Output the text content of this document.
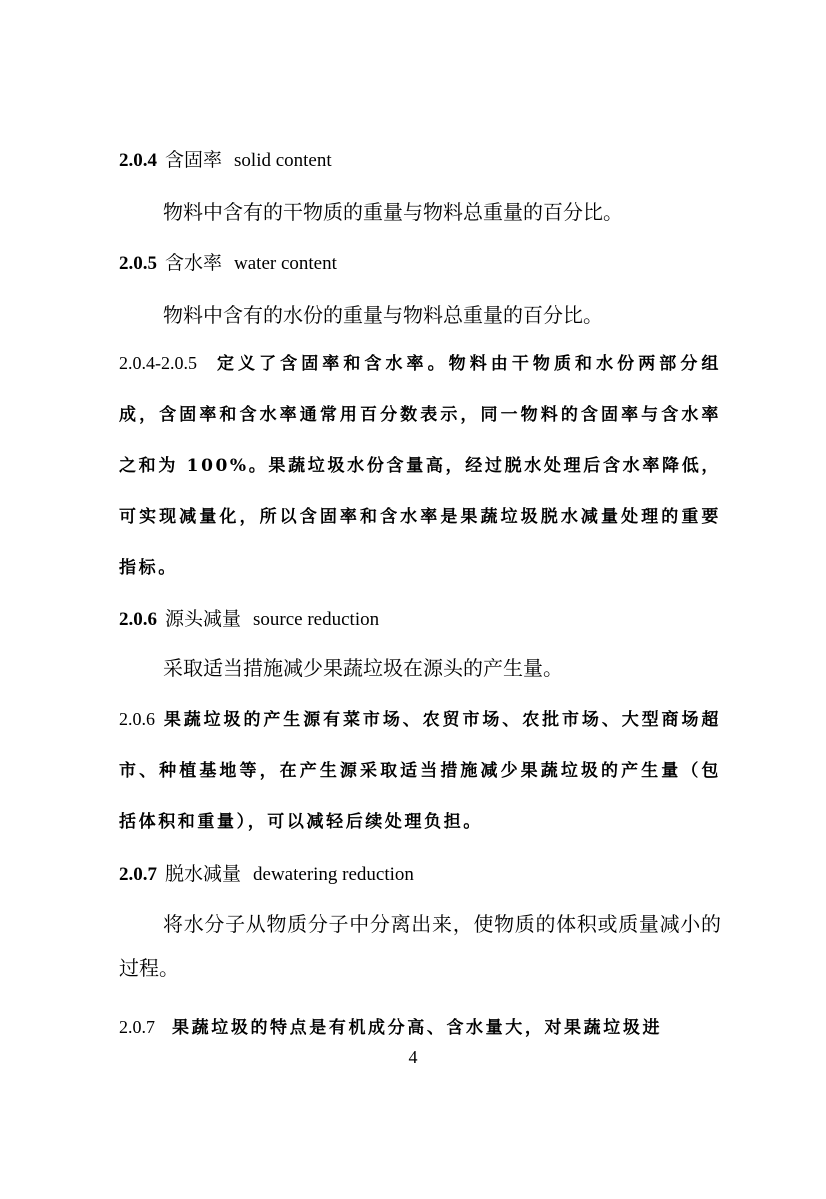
2.0.4 含固率 solid content

物料中含有的干物质的重量与物料总重量的百分比。

2.0.5 含水率 water content

物料中含有的水份的重量与物料总重量的百分比。

2.0.4-2.0.5 定义了含固率和含水率。物料由干物质和水份两部分组成，含固率和含水率通常用百分数表示，同一物料的含固率与含水率之和为 100%。果蔬垃圾水份含量高，经过脱水处理后含水率降低，可实现减量化，所以含固率和含水率是果蔬垃圾脱水减量处理的重要指标。

2.0.6 源头减量 source reduction

采取适当措施减少果蔬垃圾在源头的产生量。

2.0.6 果蔬垃圾的产生源有菜市场、农贸市场、农批市场、大型商场超市、种植基地等，在产生源采取适当措施减少果蔬垃圾的产生量（包括体积和重量），可以减轻后续处理负担。

2.0.7 脱水减量 dewatering reduction

将水分子从物质分子中分离出来，使物质的体积或质量减小的过程。

2.0.7 果蔬垃圾的特点是有机成分高、含水量大，对果蔬垃圾进

4
